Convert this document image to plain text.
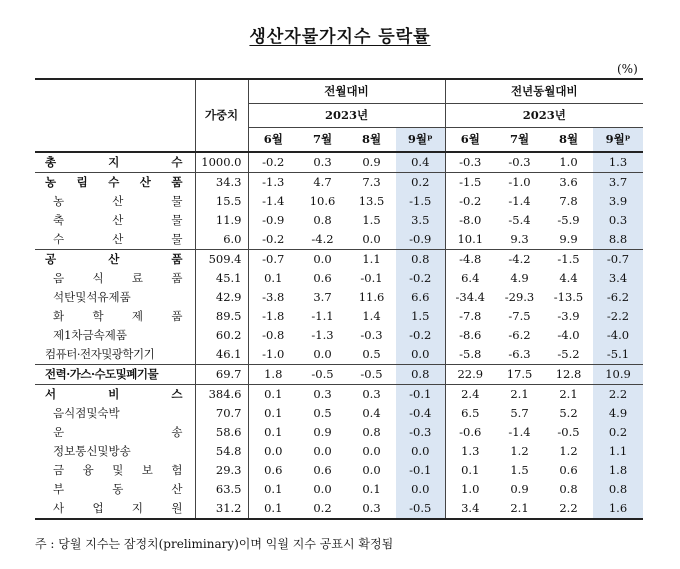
생산자물가지수 등락률
(%)
	가중치	전월대비				전년동월대비			
		2023년				2023년			
		6월	7월	8월	9월ᵖ	6월	7월	8월	9월ᵖ
총 지 수	1000.0	-0.2	0.3	0.9	0.4	-0.3	-0.3	1.0	1.3
농 림 수 산 품	34.3	-1.3	4.7	7.3	0.2	-1.5	-1.0	3.6	3.7
농 산 물	15.5	-1.4	10.6	13.5	-1.5	-0.2	-1.4	7.8	3.9
축 산 물	11.9	-0.9	0.8	1.5	3.5	-8.0	-5.4	-5.9	0.3
수 산 물	6.0	-0.2	-4.2	0.0	-0.9	10.1	9.3	9.9	8.8
공 산 품	509.4	-0.7	0.0	1.1	0.8	-4.8	-4.2	-1.5	-0.7
음 식 료 품	45.1	0.1	0.6	-0.1	-0.2	6.4	4.9	4.4	3.4
석탄및석유제품	42.9	-3.8	3.7	11.6	6.6	-34.4	-29.3	-13.5	-6.2
화 학 제 품	89.5	-1.8	-1.1	1.4	1.5	-7.8	-7.5	-3.9	-2.2
제1차금속제품	60.2	-0.8	-1.3	-0.3	-0.2	-8.6	-6.2	-4.0	-4.0
컴퓨터·전자및광학기기	46.1	-1.0	0.0	0.5	0.0	-5.8	-6.3	-5.2	-5.1
전력·가스·수도및폐기물	69.7	1.8	-0.5	-0.5	0.8	22.9	17.5	12.8	10.9
서 비 스	384.6	0.1	0.3	0.3	-0.1	2.4	2.1	2.1	2.2
음식점및숙박	70.7	0.1	0.5	0.4	-0.4	6.5	5.7	5.2	4.9
운 송	58.6	0.1	0.9	0.8	-0.3	-0.6	-1.4	-0.5	0.2
정보통신및방송	54.8	0.0	0.0	0.0	0.0	1.3	1.2	1.2	1.1
금 융 및 보 험	29.3	0.6	0.6	0.0	-0.1	0.1	1.5	0.6	1.8
부 동 산	63.5	0.1	0.0	0.1	0.0	1.0	0.9	0.8	0.8
사 업 지 원	31.2	0.1	0.2	0.3	-0.5	3.4	2.1	2.2	1.6
주 : 당월 지수는 잠정치(preliminary)이며 익월 지수 공표시 확정됨
